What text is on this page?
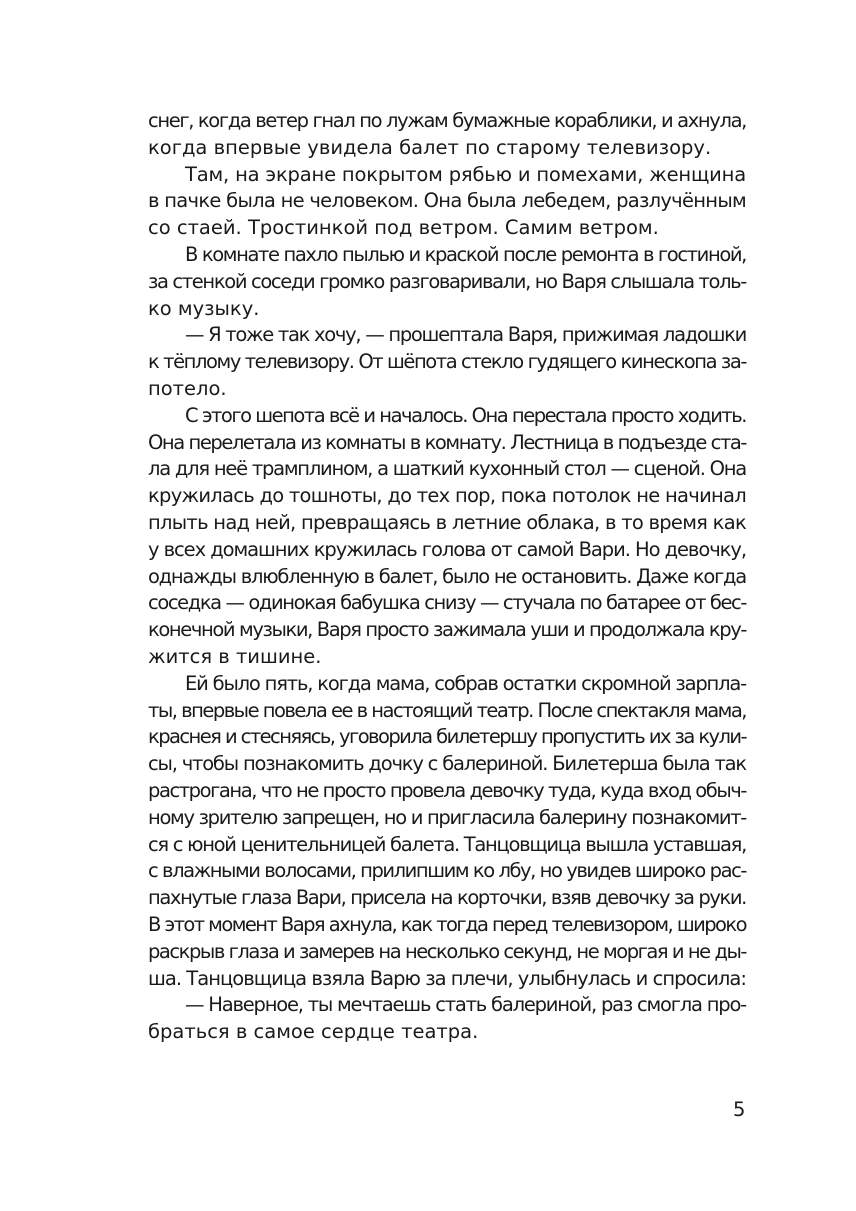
снег, когда ветер гнал по лужам бумажные кораблики, и ахнула,
когда впервые увидела балет по старому телевизору.
Там, на экране покрытом рябью и помехами, женщина
в пачке была не человеком. Она была лебедем, разлучённым
со стаей. Тростинкой под ветром. Самим ветром.
В комнате пахло пылью и краской после ремонта в гостиной,
за стенкой соседи громко разговаривали, но Варя слышала толь-
ко музыку.
— Я тоже так хочу, — прошептала Варя, прижимая ладошки
к тёплому телевизору. От шёпота стекло гудящего кинескопа за-
потело.
С этого шепота всё и началось. Она перестала просто ходить.
Она перелетала из комнаты в комнату. Лестница в подъезде ста-
ла для неё трамплином, а шаткий кухонный стол — сценой. Она
кружилась до тошноты, до тех пор, пока потолок не начинал
плыть над ней, превращаясь в летние облака, в то время как
у всех домашних кружилась голова от самой Вари. Но девочку,
однажды влюбленную в балет, было не остановить. Даже когда
соседка — одинокая бабушка снизу — стучала по батарее от бес-
конечной музыки, Варя просто зажимала уши и продолжала кру-
жится в тишине.
Ей было пять, когда мама, собрав остатки скромной зарпла-
ты, впервые повела ее в настоящий театр. После спектакля мама,
краснея и стесняясь, уговорила билетершу пропустить их за кули-
сы, чтобы познакомить дочку с балериной. Билетерша была так
растрогана, что не просто провела девочку туда, куда вход обыч-
ному зрителю запрещен, но и пригласила балерину познакомит-
ся с юной ценительницей балета. Танцовщица вышла уставшая,
с влажными волосами, прилипшим ко лбу, но увидев широко рас-
пахнутые глаза Вари, присела на корточки, взяв девочку за руки.
В этот момент Варя ахнула, как тогда перед телевизором, широко
раскрыв глаза и замерев на несколько секунд, не моргая и не ды-
ша. Танцовщица взяла Варю за плечи, улыбнулась и спросила:
— Наверное, ты мечтаешь стать балериной, раз смогла про-
браться в самое сердце театра.
5
